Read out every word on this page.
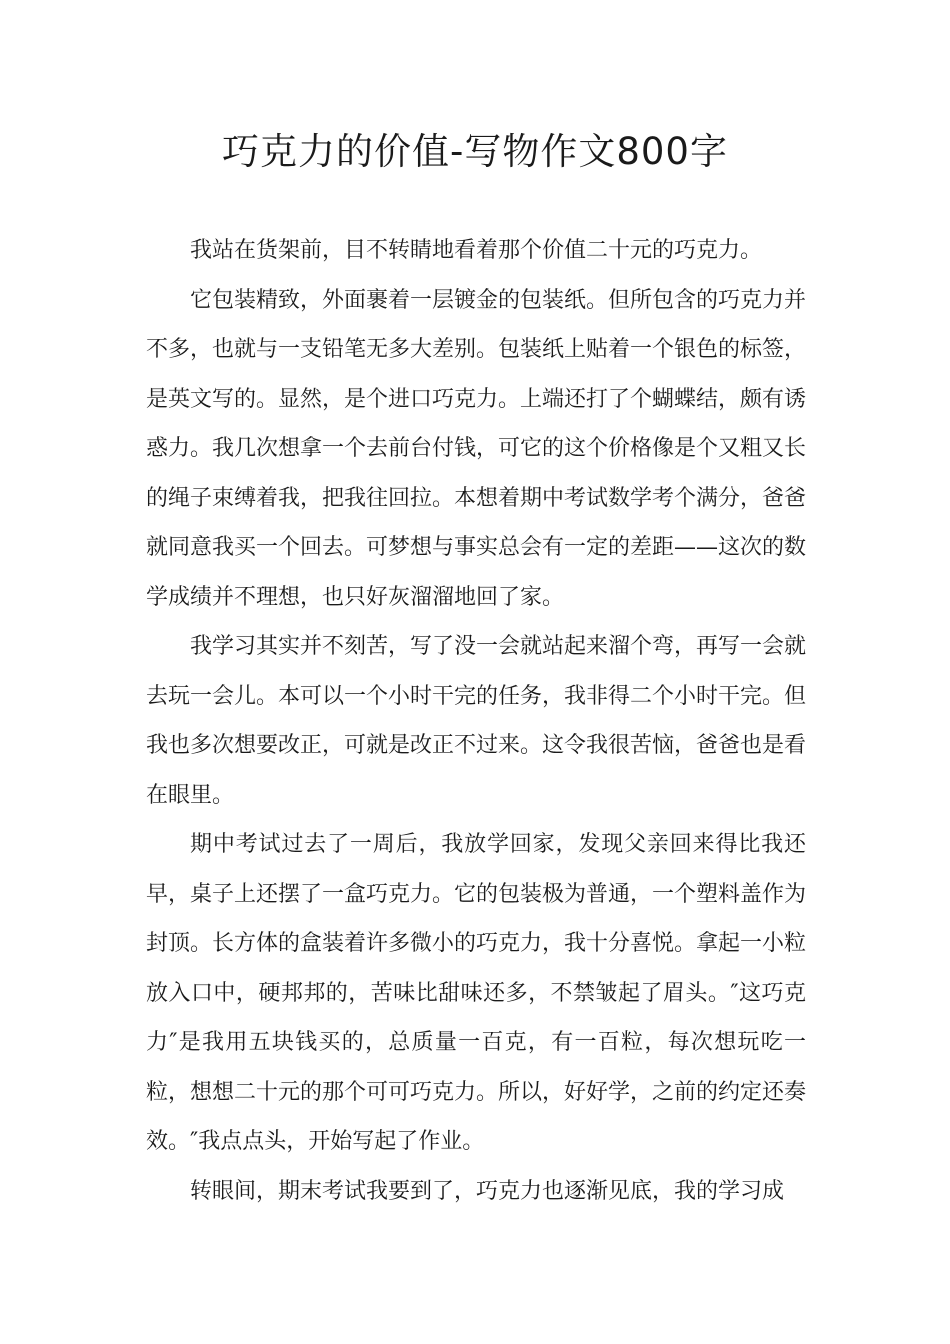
巧克力的价值-写物作文800字

我站在货架前，目不转睛地看着那个价值二十元的巧克力。

它包装精致，外面裹着一层镀金的包装纸。但所包含的巧克力并不多，也就与一支铅笔无多大差别。包装纸上贴着一个银色的标签，是英文写的。显然，是个进口巧克力。上端还打了个蝴蝶结，颇有诱惑力。我几次想拿一个去前台付钱，可它的这个价格像是个又粗又长的绳子束缚着我，把我往回拉。本想着期中考试数学考个满分，爸爸就同意我买一个回去。可梦想与事实总会有一定的差距——这次的数学成绩并不理想，也只好灰溜溜地回了家。

我学习其实并不刻苦，写了没一会就站起来溜个弯，再写一会就去玩一会儿。本可以一个小时干完的任务，我非得二个小时干完。但我也多次想要改正，可就是改正不过来。这令我很苦恼，爸爸也是看在眼里。

期中考试过去了一周后，我放学回家，发现父亲回来得比我还早，桌子上还摆了一盒巧克力。它的包装极为普通，一个塑料盖作为封顶。长方体的盒装着许多微小的巧克力，我十分喜悦。拿起一小粒放入口中，硬邦邦的，苦味比甜味还多，不禁皱起了眉头。″这巧克力″是我用五块钱买的，总质量一百克，有一百粒，每次想玩吃一粒，想想二十元的那个可可巧克力。所以，好好学，之前的约定还奏效。″我点点头，开始写起了作业。

转眼间，期末考试我要到了，巧克力也逐渐见底，我的学习成
